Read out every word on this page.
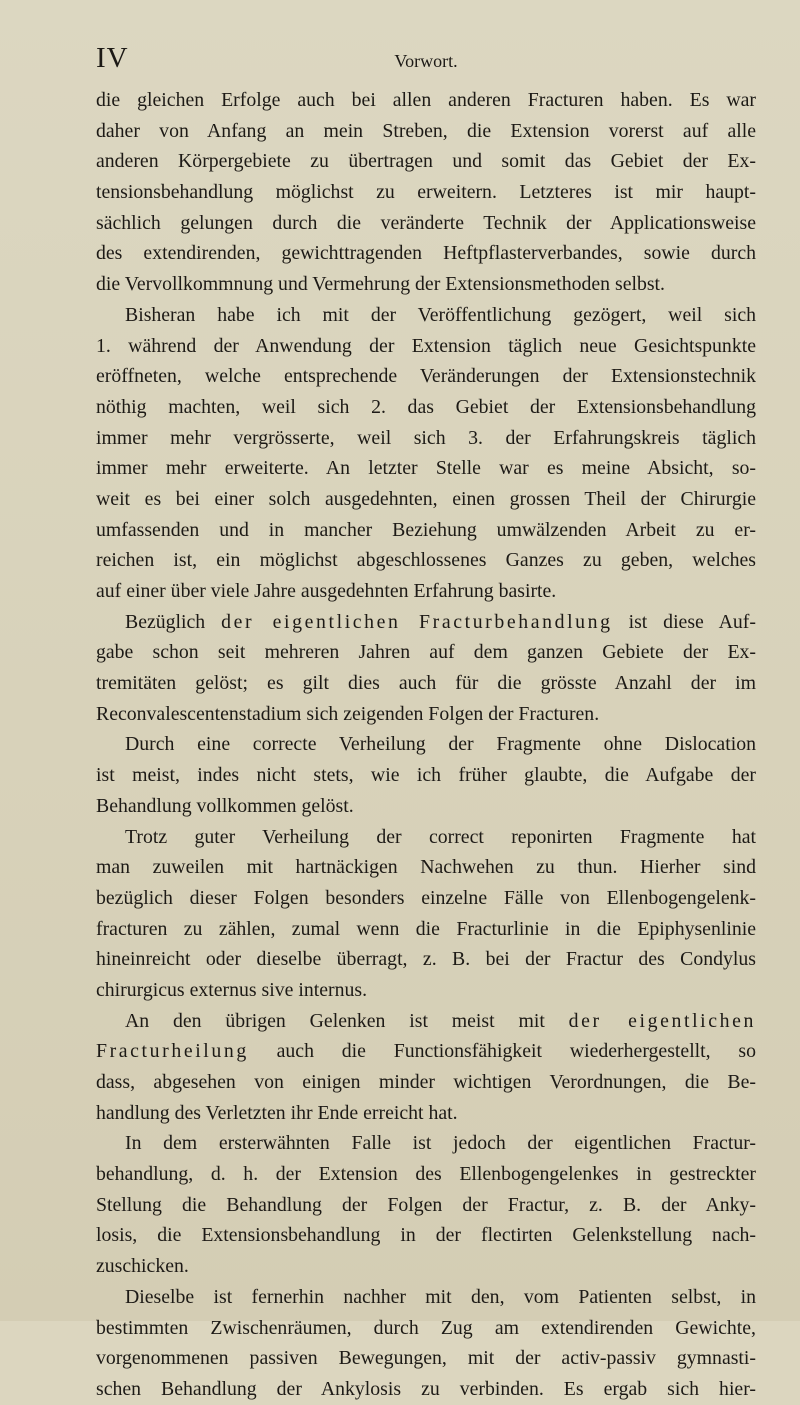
IV	Vorwort.
die gleichen Erfolge auch bei allen anderen Fracturen haben. Es war
daher von Anfang an mein Streben, die Extension vorerst auf alle
anderen Körpergebiete zu übertragen und somit das Gebiet der Ex-
tensionsbehandlung möglichst zu erweitern. Letzteres ist mir haupt-
sächlich gelungen durch die veränderte Technik der Applicationsweise
des extendirenden, gewichttragenden Heftpflasterverbandes, sowie durch
die Vervollkommnung und Vermehrung der Extensionsmethoden selbst.
Bisheran habe ich mit der Veröffentlichung gezögert, weil sich
1. während der Anwendung der Extension täglich neue Gesichtspunkte
eröffneten, welche entsprechende Veränderungen der Extensionstechnik
nöthig machten, weil sich 2. das Gebiet der Extensionsbehandlung
immer mehr vergrösserte, weil sich 3. der Erfahrungskreis täglich
immer mehr erweiterte. An letzter Stelle war es meine Absicht, so-
weit es bei einer solch ausgedehnten, einen grossen Theil der Chirurgie
umfassenden und in mancher Beziehung umwälzenden Arbeit zu er-
reichen ist, ein möglichst abgeschlossenes Ganzes zu geben, welches
auf einer über viele Jahre ausgedehnten Erfahrung basirte.
Bezüglich der eigentlichen Fracturbehandlung ist diese Auf-
gabe schon seit mehreren Jahren auf dem ganzen Gebiete der Ex-
tremitäten gelöst; es gilt dies auch für die grösste Anzahl der im
Reconvalescentenstadium sich zeigenden Folgen der Fracturen.
Durch eine correcte Verheilung der Fragmente ohne Dislocation
ist meist, indes nicht stets, wie ich früher glaubte, die Aufgabe der
Behandlung vollkommen gelöst.
Trotz guter Verheilung der correct reponirten Fragmente hat
man zuweilen mit hartnäckigen Nachwehen zu thun. Hierher sind
bezüglich dieser Folgen besonders einzelne Fälle von Ellenbogengelenk-
fracturen zu zählen, zumal wenn die Fracturlinie in die Epiphysenlinie
hineinreicht oder dieselbe überragt, z. B. bei der Fractur des Condylus
chirurgicus externus sive internus.
An den übrigen Gelenken ist meist mit der eigentlichen
Fracturheilung auch die Functionsfähigkeit wiederhergestellt, so
dass, abgesehen von einigen minder wichtigen Verordnungen, die Be-
handlung des Verletzten ihr Ende erreicht hat.
In dem ersterwähnten Falle ist jedoch der eigentlichen Fractur-
behandlung, d. h. der Extension des Ellenbogengelenkes in gestreckter
Stellung die Behandlung der Folgen der Fractur, z. B. der Anky-
losis, die Extensionsbehandlung in der flectirten Gelenkstellung nach-
zuschicken.
Dieselbe ist fernerhin nachher mit den, vom Patienten selbst, in
bestimmten Zwischenräumen, durch Zug am extendirenden Gewichte,
vorgenommenen passiven Bewegungen, mit der activ-passiv gymnasti-
schen Behandlung der Ankylosis zu verbinden. Es ergab sich hier-
